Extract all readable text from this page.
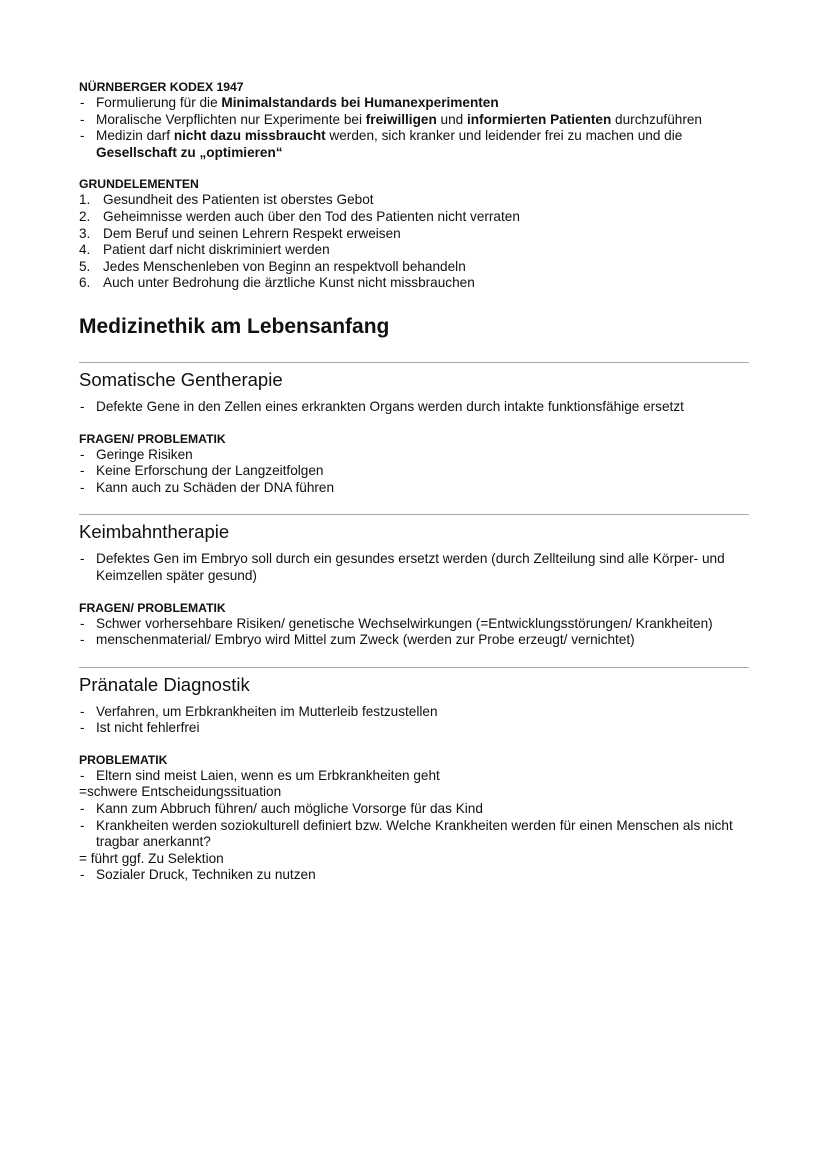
NÜRNBERGER KODEX 1947

- Formulierung für die Minimalstandards bei Humanexperimenten
- Moralische Verpflichten nur Experimente bei freiwilligen und informierten Patienten durchzuführen
- Medizin darf nicht dazu missbraucht werden, sich kranker und leidender frei zu machen und die Gesellschaft zu „optimieren“

GRUNDELEMENTEN

1. Gesundheit des Patienten ist oberstes Gebot
2. Geheimnisse werden auch über den Tod des Patienten nicht verraten
3. Dem Beruf und seinen Lehrern Respekt erweisen
4. Patient darf nicht diskriminiert werden
5. Jedes Menschenleben von Beginn an respektvoll behandeln
6. Auch unter Bedrohung die ärztliche Kunst nicht missbrauchen
Medizinethik am Lebensanfang
Somatische Gentherapie
- Defekte Gene in den Zellen eines erkrankten Organs werden durch intakte funktionsfähige ersetzt

FRAGEN/ PROBLEMATIK

- Geringe Risiken
- Keine Erforschung der Langzeitfolgen
- Kann auch zu Schäden der DNA führen
Keimbahntherapie
- Defektes Gen im Embryo soll durch ein gesundes ersetzt werden (durch Zellteilung sind alle Körper- und Keimzellen später gesund)

FRAGEN/ PROBLEMATIK

- Schwer vorhersehbare Risiken/ genetische Wechselwirkungen (=Entwicklungsstörungen/ Krankheiten)
- menschenmaterial/ Embryo wird Mittel zum Zweck (werden zur Probe erzeugt/ vernichtet)
Pränatale Diagnostik
- Verfahren, um Erbkrankheiten im Mutterleib festzustellen
- Ist nicht fehlerfrei

PROBLEMATIK

- Eltern sind meist Laien, wenn es um Erbkrankheiten geht

=schwere Entscheidungssituation

- Kann zum Abbruch führen/ auch mögliche Vorsorge für das Kind
- Krankheiten werden soziokulturell definiert bzw. Welche Krankheiten werden für einen Menschen als nicht tragbar anerkannt?

= führt ggf. Zu Selektion

- Sozialer Druck, Techniken zu nutzen
